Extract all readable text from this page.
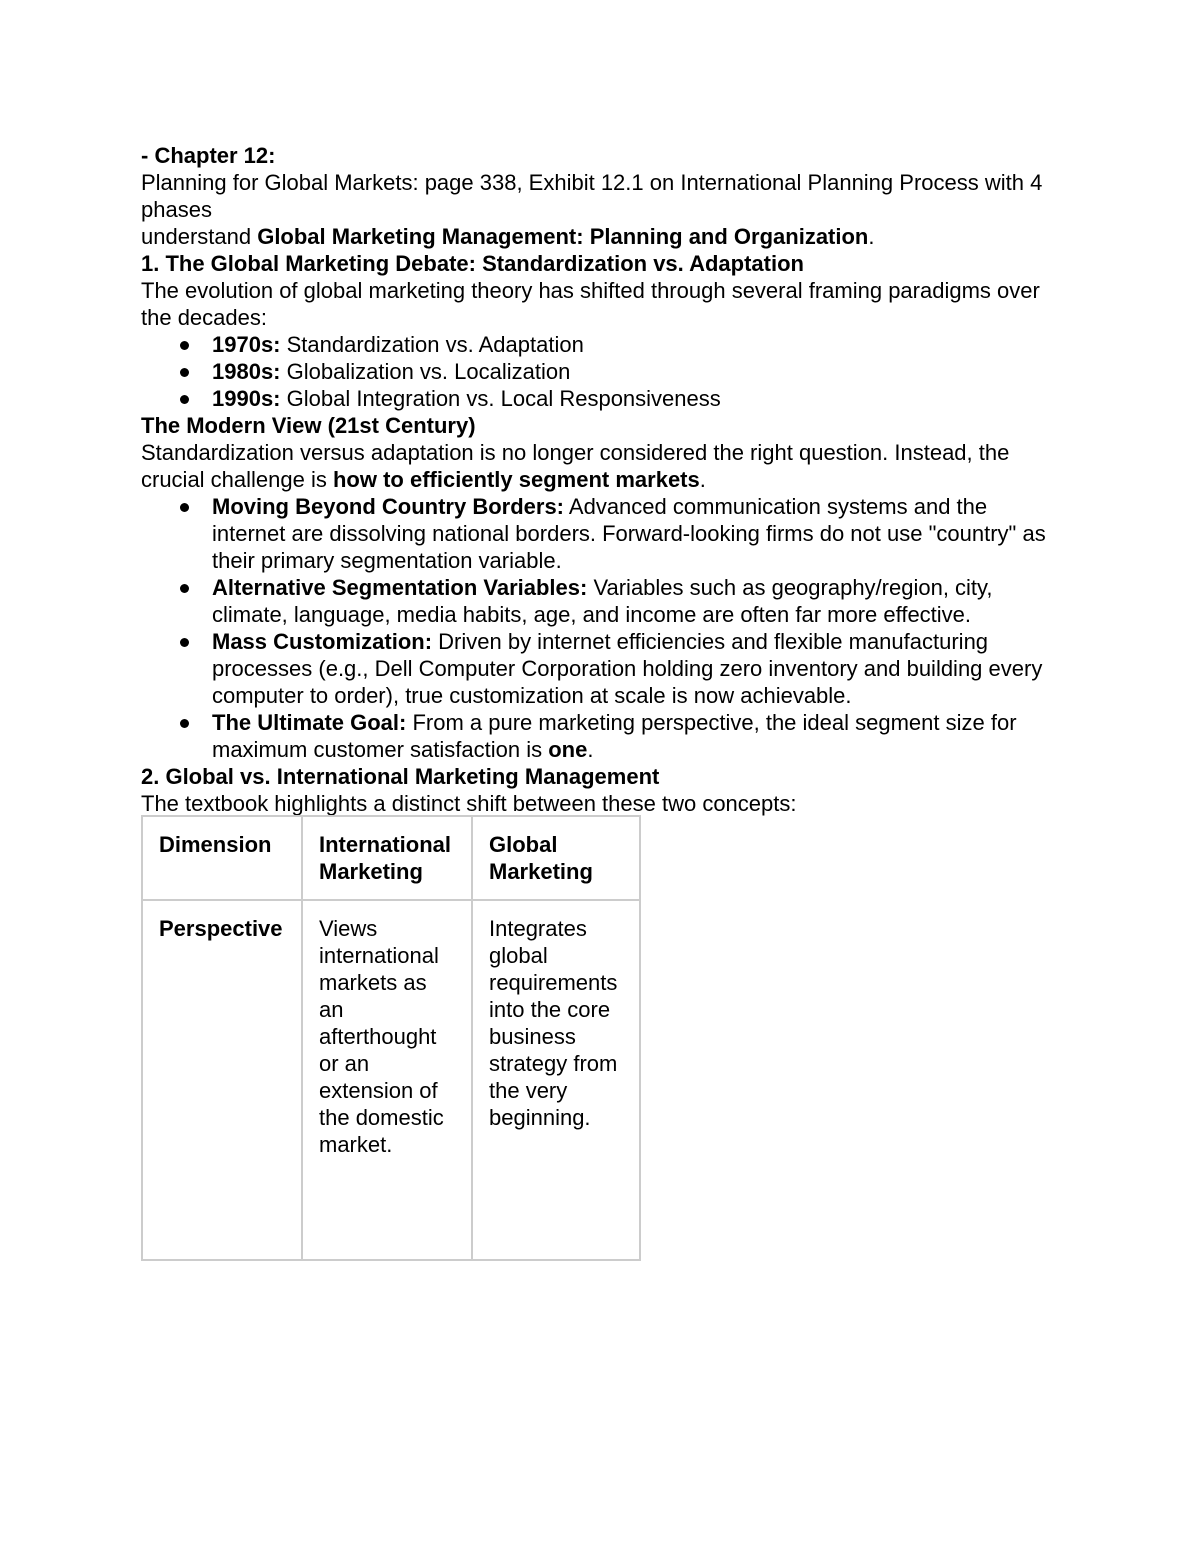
- Chapter 12:

Planning for Global Markets: page 338, Exhibit 12.1 on International Planning Process with 4 phases

understand Global Marketing Management: Planning and Organization.

1. The Global Marketing Debate: Standardization vs. Adaptation

The evolution of global marketing theory has shifted through several framing paradigms over the decades:

1970s: Standardization vs. Adaptation
1980s: Globalization vs. Localization
1990s: Global Integration vs. Local Responsiveness

The Modern View (21st Century)

Standardization versus adaptation is no longer considered the right question. Instead, the crucial challenge is how to efficiently segment markets.

Moving Beyond Country Borders: Advanced communication systems and the internet are dissolving national borders. Forward-looking firms do not use "country" as their primary segmentation variable.
Alternative Segmentation Variables: Variables such as geography/region, city, climate, language, media habits, age, and income are often far more effective.
Mass Customization: Driven by internet efficiencies and flexible manufacturing processes (e.g., Dell Computer Corporation holding zero inventory and building every computer to order), true customization at scale is now achievable.
The Ultimate Goal: From a pure marketing perspective, the ideal segment size for maximum customer satisfaction is one.

2. Global vs. International Marketing Management

The textbook highlights a distinct shift between these two concepts:

Dimension	International Marketing	Global Marketing
Perspective	Views international markets as an afterthought or an extension of the domestic market.	Integrates global requirements into the core business strategy from the very beginning.
